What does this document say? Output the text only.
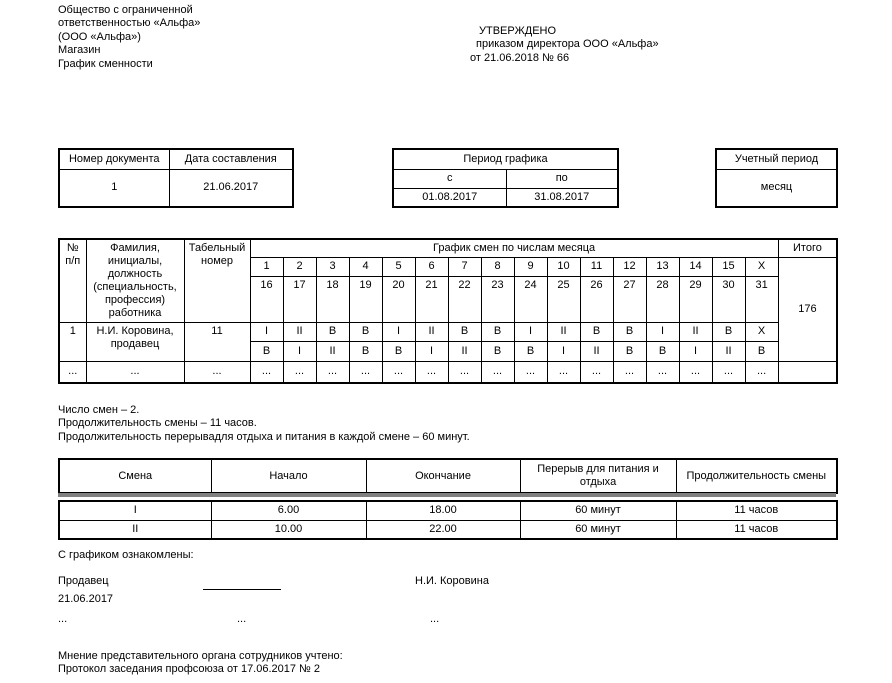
Общество с ограниченной
ответственностью «Альфа»
(ООО «Альфа»)
Магазин
График сменности
УТВЕРЖДЕНО
приказом директора ООО «Альфа»
от 21.06.2018 № 66
Номер документа	Дата составления
1	21.06.2017
Период графика	
с	по
01.08.2017	31.08.2017
Учетный период
месяц
№ п/п	Фамилия, инициалы, должность (специальность, профессия) работника	Табельный номер	График смен по числам месяца																Итого
			1	2	3	4	5	6	7	8	9	10	11	12	13	14	15	X	176
			16	17	18	19	20	21	22	23	24	25	26	27	28	29	30	31	
1	Н.И. Коровина, продавец	11	I	II	В	В	I	II	В	В	I	II	В	В	I	II	В	X	
			В	I	II	В	В	I	II	В	В	I	II	В	В	I	II	В	
...	...	...	...	...	...	...	...	...	...	...	...	...	...	...	...	...	...	...	
Число смен – 2.
Продолжительность смены – 11 часов.
Продолжительность перерывадля отдыха и питания в каждой смене – 60 минут.
Смена	Начало	Окончание	Перерыв для питания и отдыха	Продолжительность смены
I	6.00	18.00	60 минут	11 часов
II	10.00	22.00	60 минут	11 часов
С графиком ознакомлены:
Продавец	Н.И. Коровина
21.06.2017
...	...	...
Мнение представительного органа сотрудников учтено:
Протокол заседания профсоюза от 17.06.2017 № 2
